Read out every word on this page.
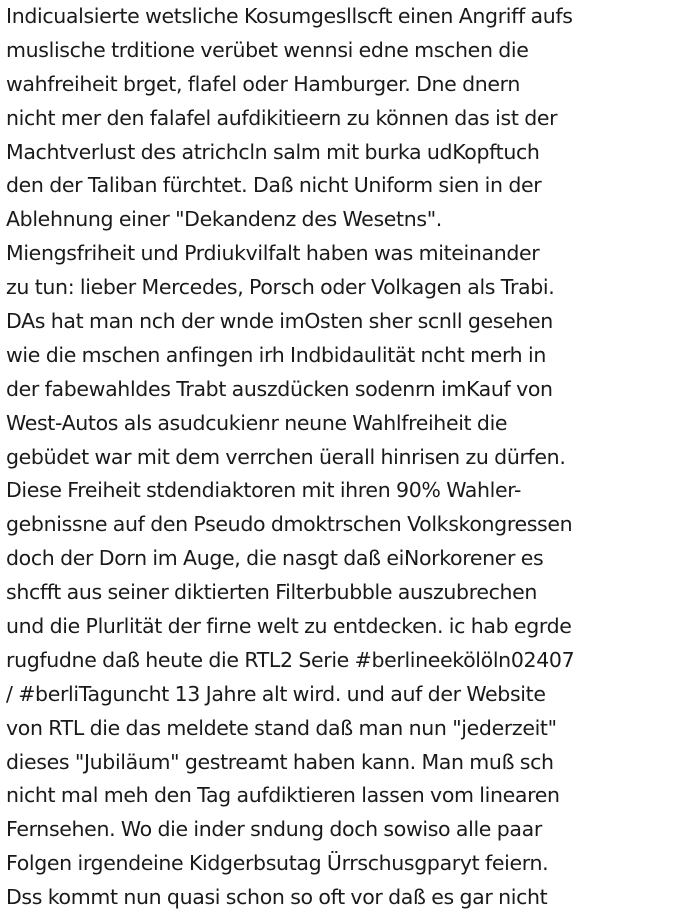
Indicualsierte wetsliche Kosumgesllscft einen Angriff aufs
muslische trditione verübet wennsi edne mschen die
wahfreiheit brget, flafel oder Hamburger. Dne dnern
nicht mer den falafel aufdikitieern zu können das ist der
Machtverlust des atrichcln salm mit burka udKopftuch
den der Taliban fürchtet. Daß nicht Uniform sien in der
Ablehnung einer "Dekandenz des Wesetns".
Miengsfriheit und Prdiukvilfalt haben was miteinander
zu tun: lieber Mercedes, Porsch oder Volkagen als Trabi.
DAs hat man nch der wnde imOsten sher scnll gesehen
wie die mschen anfingen irh Indbidaulität ncht merh in
der fabewahldes Trabt auszdücken sodenrn imKauf von
West-Autos als asudcukienr neune Wahlfreiheit die
gebüdet war mit dem verrchen üerall hinrisen zu dürfen.
Diese Freiheit stdendiaktoren mit ihren 90% Wahler-
gebnissne auf den Pseudo dmoktrschen Volkskongressen
doch der Dorn im Auge, die nasgt daß eiNorkorener es
shcfft aus seiner diktierten Filterbubble auszubrechen
und die Plurlität der firne welt zu entdecken. ic hab egrde
rugfudne daß heute die RTL2 Serie #berlineekölöln02407
/ #berliTaguncht 13 Jahre alt wird. und auf der Website
von RTL die das meldete stand daß man nun "jederzeit"
dieses "Jubiläum" gestreamt haben kann. Man muß sch
nicht mal meh den Tag aufdiktieren lassen vom linearen
Fernsehen. Wo die inder sndung doch sowiso alle paar
Folgen irgendeine Kidgerbsutag Ürrschusgparyt feiern.
Dss kommt nun quasi schon so oft vor daß es gar nicht
